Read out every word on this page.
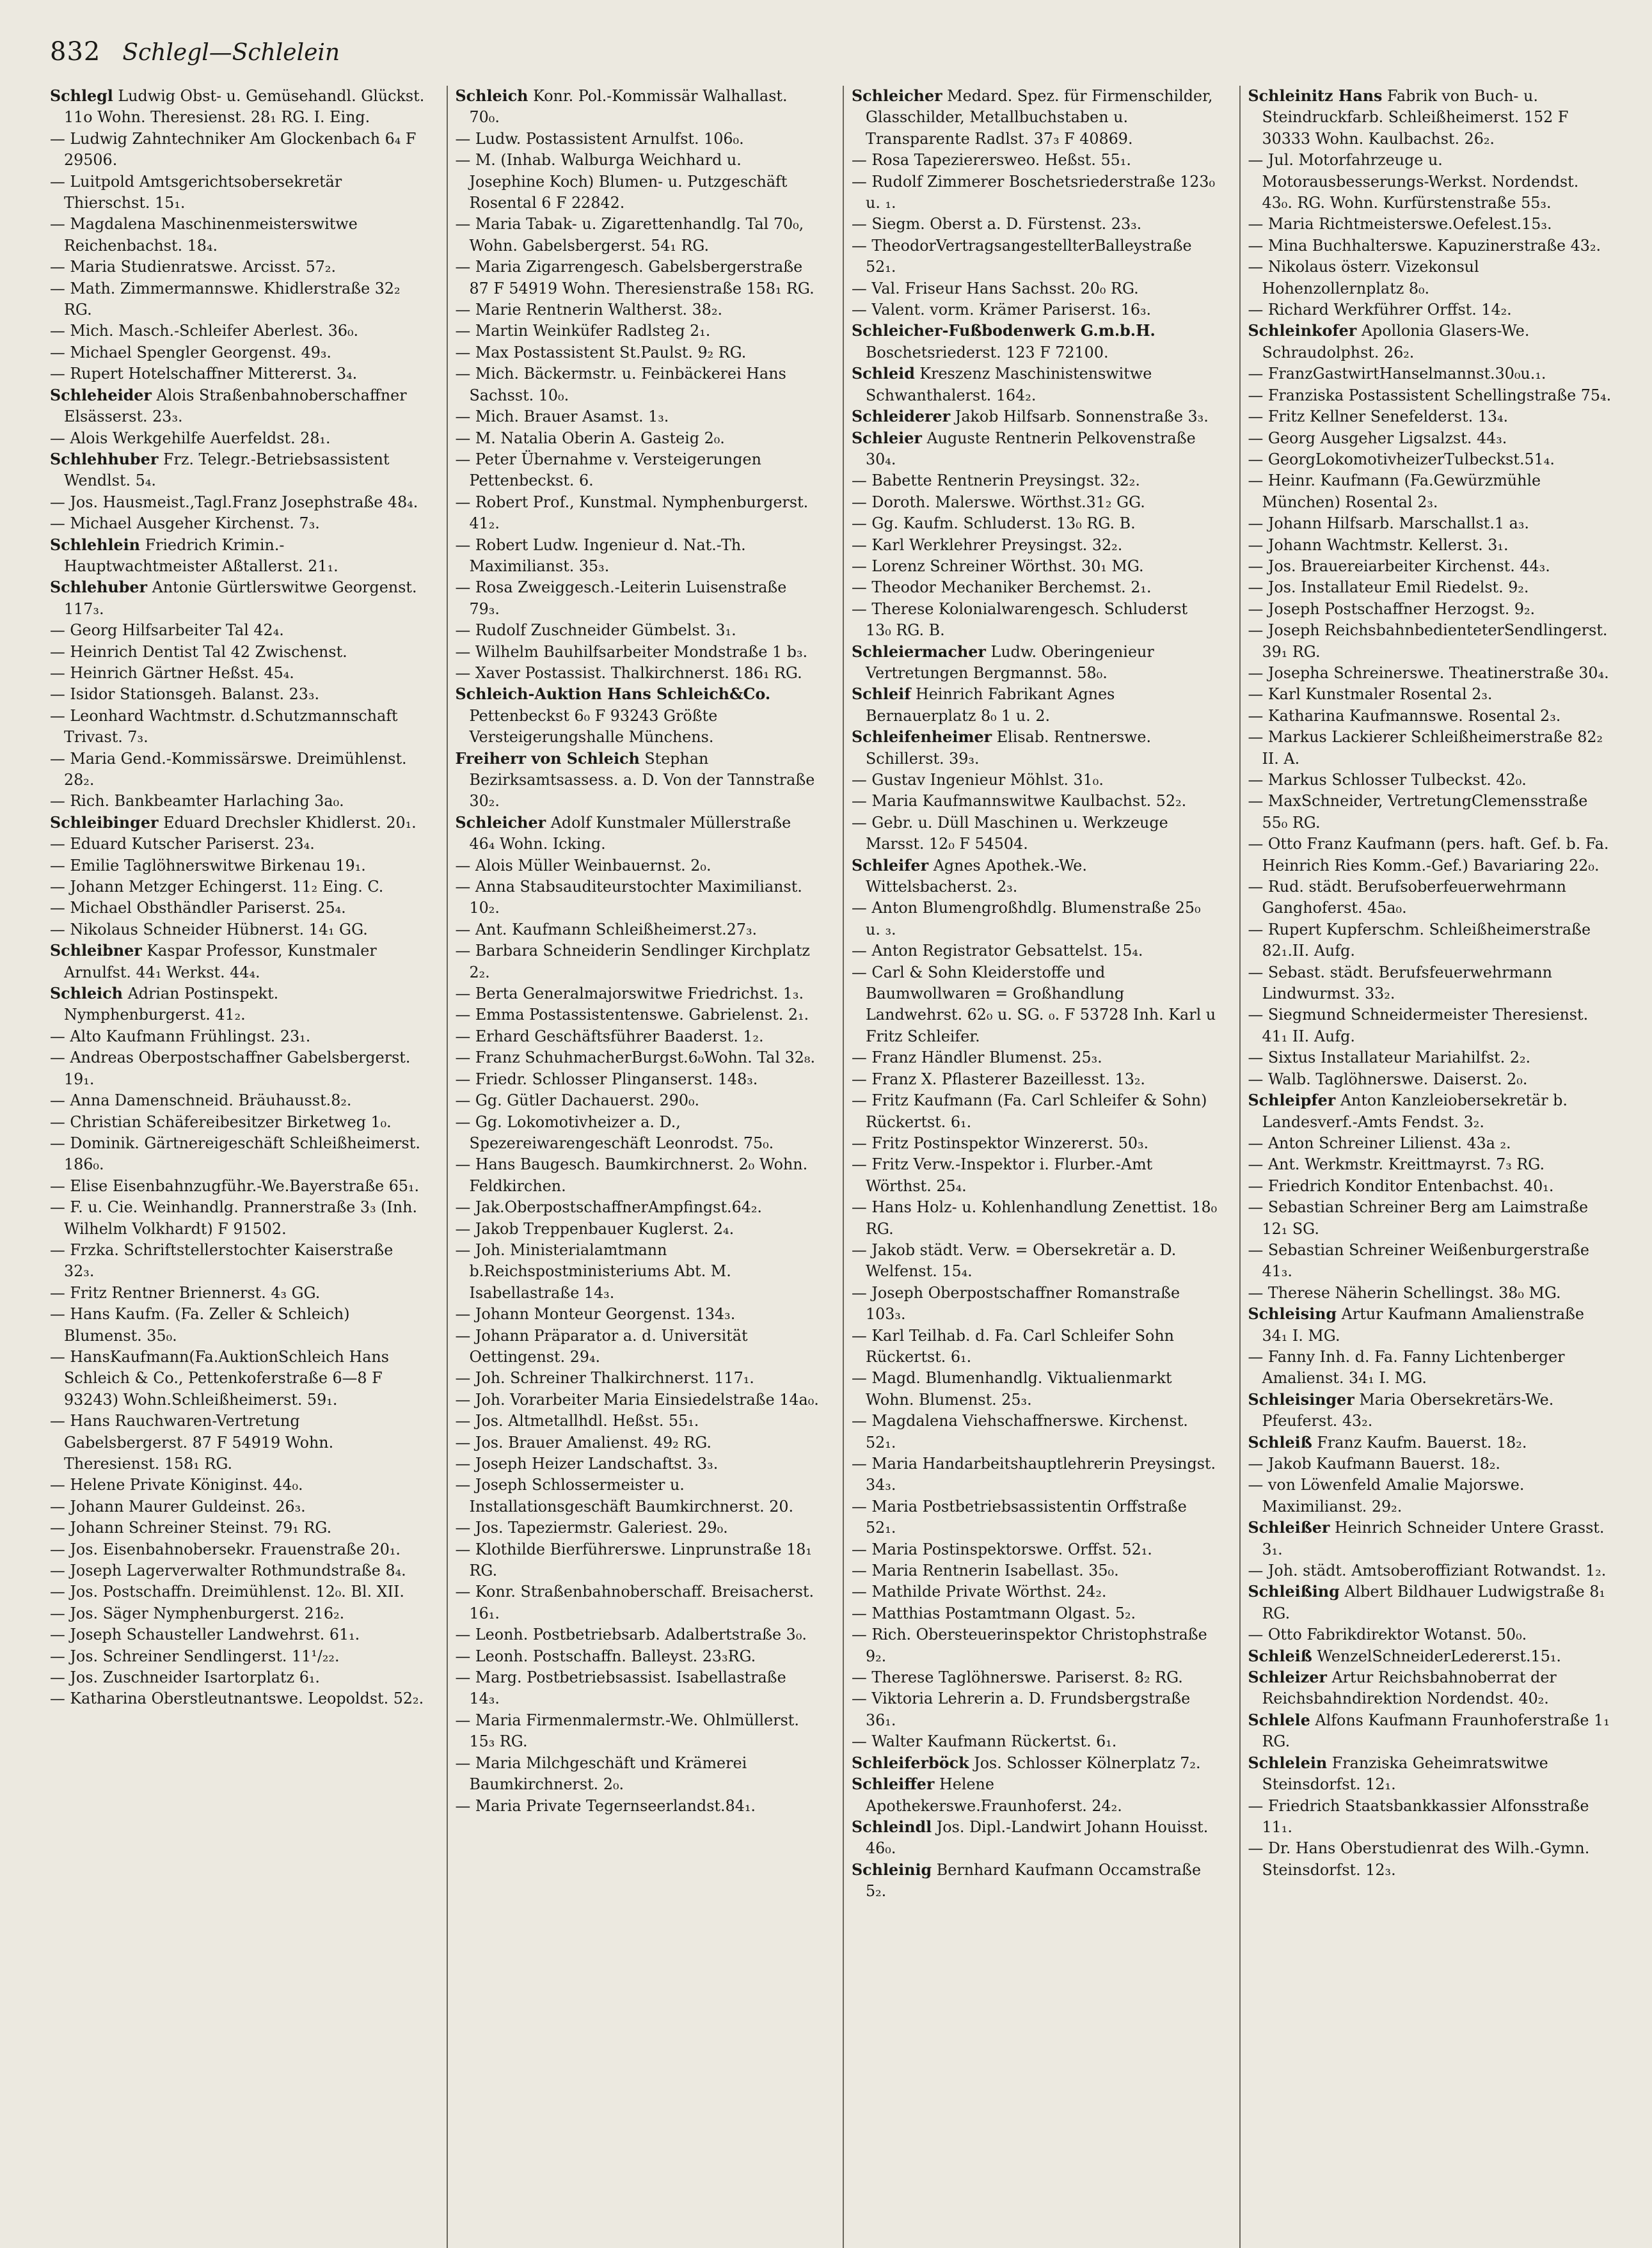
832 Schlegl—Schlelein

Schlegl Ludwig Obst- u. Gemüsehandl. Glückst. 11o Wohn. Theresienst. 28₁ RG. I. Eing.

— Ludwig Zahntechniker Am Glockenbach 6₄ F 29506.

— Luitpold Amtsgerichtsobersekretär Thierschst. 15₁.

— Magdalena Maschinenmeisterswitwe Reichenbachst. 18₄.

— Maria Studienratswe. Arcisst. 57₂.

— Math. Zimmermannswe. Khidlerstraße 32₂ RG.

— Mich. Masch.-Schleifer Aberlest. 36₀.

— Michael Spengler Georgenst. 49₃.

— Rupert Hotelschaffner Mittererst. 3₄.

Schleheider Alois Straßenbahnoberschaffner Elsässerst. 23₃.

— Alois Werkgehilfe Auerfeldst. 28₁.

Schlehhuber Frz. Telegr.-Betriebsassistent Wendlst. 5₄.

— Jos. Hausmeist.,Tagl.Franz Josephstraße 48₄.

— Michael Ausgeher Kirchenst. 7₃.

Schlehlein Friedrich Krimin.-Hauptwachtmeister Aßtallerst. 21₁.

Schlehuber Antonie Gürtlerswitwe Georgenst. 117₃.

— Georg Hilfsarbeiter Tal 42₄.

— Heinrich Dentist Tal 42 Zwischenst.

— Heinrich Gärtner Heßst. 45₄.

— Isidor Stationsgeh. Balanst. 23₃.

— Leonhard Wachtmstr. d.Schutzmannschaft Trivast. 7₃.

— Maria Gend.-Kommissärswe. Dreimühlenst. 28₂.

— Rich. Bankbeamter Harlaching 3a₀.

Schleibinger Eduard Drechsler Khidlerst. 20₁.

— Eduard Kutscher Pariserst. 23₄.

— Emilie Taglöhnerswitwe Birkenau 19₁.

— Johann Metzger Echingerst. 11₂ Eing. C.

— Michael Obsthändler Pariserst. 25₄.

— Nikolaus Schneider Hübnerst. 14₁ GG.

Schleibner Kaspar Professor, Kunstmaler Arnulfst. 44₁ Werkst. 44₄.

Schleich Adrian Postinspekt. Nymphenburgerst. 41₂.

— Alto Kaufmann Frühlingst. 23₁.

— Andreas Oberpostschaffner Gabelsbergerst. 19₁.

— Anna Damenschneid. Bräuhausst.8₂.

— Christian Schäfereibesitzer Birketweg 1₀.

— Dominik. Gärtnereigeschäft Schleißheimerst. 186₀.

— Elise Eisenbahnzugführ.-We.Bayerstraße 65₁.

— F. u. Cie. Weinhandlg. Prannerstraße 3₃ (Inh. Wilhelm Volkhardt) F 91502.

— Frzka. Schriftstellerstochter Kaiserstraße 32₃.

— Fritz Rentner Briennerst. 4₃ GG.

— Hans Kaufm. (Fa. Zeller & Schleich) Blumenst. 35₀.

— HansKaufmann(Fa.AuktionSchleich Hans Schleich & Co., Pettenkoferstraße 6—8 F 93243) Wohn.Schleißheimerst. 59₁.

— Hans Rauchwaren-Vertretung Gabelsbergerst. 87 F 54919 Wohn. Theresienst. 158₁ RG.

— Helene Private Königinst. 44₀.

— Johann Maurer Guldeinst. 26₃.

— Johann Schreiner Steinst. 79₁ RG.

— Jos. Eisenbahnobersekr. Frauenstraße 20₁.

— Joseph Lagerverwalter Rothmundstraße 8₄.

— Jos. Postschaffn. Dreimühlenst. 12₀. Bl. XII.

— Jos. Säger Nymphenburgerst. 216₂.

— Joseph Schausteller Landwehrst. 61₁.

— Jos. Schreiner Sendlingerst. 11¹/₂₂.

— Jos. Zuschneider Isartorplatz 6₁.

— Katharina Oberstleutnantswe. Leopoldst. 52₂.

Schleich Konr. Pol.-Kommissär Walhallast. 70₀.

— Ludw. Postassistent Arnulfst. 106₀.

— M. (Inhab. Walburga Weichhard u. Josephine Koch) Blumen- u. Putzgeschäft Rosental 6 F 22842.

— Maria Tabak- u. Zigarettenhandlg. Tal 70₀, Wohn. Gabelsbergerst. 54₁ RG.

— Maria Zigarrengesch. Gabelsbergerstraße 87 F 54919 Wohn. Theresienstraße 158₁ RG.

— Marie Rentnerin Waltherst. 38₂.

— Martin Weinküfer Radlsteg 2₁.

— Max Postassistent St.Paulst. 9₂ RG.

— Mich. Bäckermstr. u. Feinbäckerei Hans Sachsst. 10₀.

— Mich. Brauer Asamst. 1₃.

— M. Natalia Oberin A. Gasteig 2₀.

— Peter Übernahme v. Versteigerungen Pettenbeckst. 6.

— Robert Prof., Kunstmal. Nymphenburgerst. 41₂.

— Robert Ludw. Ingenieur d. Nat.-Th. Maximilianst. 35₃.

— Rosa Zweiggesch.-Leiterin Luisenstraße 79₃.

— Rudolf Zuschneider Gümbelst. 3₁.

— Wilhelm Bauhilfsarbeiter Mondstraße 1 b₃.

— Xaver Postassist. Thalkirchnerst. 186₁ RG.

Schleich-Auktion Hans Schleich&Co. Pettenbeckst 6₀ F 93243 Größte Versteigerungshalle Münchens.

Freiherr von Schleich Stephan Bezirksamtsassess. a. D. Von der Tannstraße 30₂.

Schleicher Adolf Kunstmaler Müllerstraße 46₄ Wohn. Icking.

— Alois Müller Weinbauernst. 2₀.

— Anna Stabsauditeurstochter Maximilianst. 10₂.

— Ant. Kaufmann Schleißheimerst.27₃.

— Barbara Schneiderin Sendlinger Kirchplatz 2₂.

— Berta Generalmajorswitwe Friedrichst. 1₃.

— Emma Postassistentenswe. Gabrielenst. 2₁.

— Erhard Geschäftsführer Baaderst. 1₂.

— Franz SchuhmacherBurgst.6₀Wohn. Tal 32₈.

— Friedr. Schlosser Plinganserst. 148₃.

— Gg. Gütler Dachauerst. 290₀.

— Gg. Lokomotivheizer a. D., Spezereiwarengeschäft Leonrodst. 75₀.

— Hans Baugesch. Baumkirchnerst. 2₀ Wohn. Feldkirchen.

— Jak.OberpostschaffnerAmpfingst.64₂.

— Jakob Treppenbauer Kuglerst. 2₄.

— Joh. Ministerialamtmann b.Reichspostministeriums Abt. M. Isabellastraße 14₃.

— Johann Monteur Georgenst. 134₃.

— Johann Präparator a. d. Universität Oettingenst. 29₄.

— Joh. Schreiner Thalkirchnerst. 117₁.

— Joh. Vorarbeiter Maria Einsiedelstraße 14a₀.

— Jos. Altmetallhdl. Heßst. 55₁.

— Jos. Brauer Amalienst. 49₂ RG.

— Joseph Heizer Landschaftst. 3₃.

— Joseph Schlossermeister u. Installationsgeschäft Baumkirchnerst. 20.

— Jos. Tapeziermstr. Galeriest. 29₀.

— Klothilde Bierführerswe. Linprunstraße 18₁ RG.

— Konr. Straßenbahnoberschaff. Breisacherst. 16₁.

— Leonh. Postbetriebsarb. Adalbertstraße 3₀.

— Leonh. Postschaffn. Balleyst. 23₃RG.

— Marg. Postbetriebsassist. Isabellastraße 14₃.

— Maria Firmenmalermstr.-We. Ohlmüllerst. 15₃ RG.

— Maria Milchgeschäft und Krämerei Baumkirchnerst. 2₀.

— Maria Private Tegernseerlandst.84₁.

Schleicher Medard. Spez. für Firmenschilder, Glasschilder, Metallbuchstaben u. Transparente Radlst. 37₃ F 40869.

— Rosa Tapezierersweo. Heßst. 55₁.

— Rudolf Zimmerer Boschetsriederstraße 123₀ u. ₁.

— Siegm. Oberst a. D. Fürstenst. 23₃.

— TheodorVertragsangestellterBalleystraße 52₁.

— Val. Friseur Hans Sachsst. 20₀ RG.

— Valent. vorm. Krämer Pariserst. 16₃.

Schleicher-Fußbodenwerk G.m.b.H. Boschetsriederst. 123 F 72100.

Schleid Kreszenz Maschinistenswitwe Schwanthalerst. 164₂.

Schleiderer Jakob Hilfsarb. Sonnenstraße 3₃.

Schleier Auguste Rentnerin Pelkovenstraße 30₄.

— Babette Rentnerin Preysingst. 32₂.

— Doroth. Malerswe. Wörthst.31₂ GG.

— Gg. Kaufm. Schluderst. 13₀ RG. B.

— Karl Werklehrer Preysingst. 32₂.

— Lorenz Schreiner Wörthst. 30₁ MG.

— Theodor Mechaniker Berchemst. 2₁.

— Therese Kolonialwarengesch. Schluderst 13₀ RG. B.

Schleiermacher Ludw. Oberingenieur Vertretungen Bergmannst. 58₀.

Schleif Heinrich Fabrikant Agnes Bernauerplatz 8₀ 1 u. 2.

Schleifenheimer Elisab. Rentnerswe. Schillerst. 39₃.

— Gustav Ingenieur Möhlst. 31₀.

— Maria Kaufmannswitwe Kaulbachst. 52₂.

— Gebr. u. Düll Maschinen u. Werkzeuge Marsst. 12₀ F 54504.

Schleifer Agnes Apothek.-We. Wittelsbacherst. 2₃.

— Anton Blumengroßhdlg. Blumenstraße 25₀ u. ₃.

— Anton Registrator Gebsattelst. 15₄.

— Carl & Sohn Kleiderstoffe und Baumwollwaren = Großhandlung Landwehrst. 62₀ u. SG. ₀. F 53728 Inh. Karl u Fritz Schleifer.

— Franz Händler Blumenst. 25₃.

— Franz X. Pflasterer Bazeillesst. 13₂.

— Fritz Kaufmann (Fa. Carl Schleifer & Sohn) Rückertst. 6₁.

— Fritz Postinspektor Winzererst. 50₃.

— Fritz Verw.-Inspektor i. Flurber.-Amt Wörthst. 25₄.

— Hans Holz- u. Kohlenhandlung Zenettist. 18₀ RG.

— Jakob städt. Verw. = Obersekretär a. D. Welfenst. 15₄.

— Joseph Oberpostschaffner Romanstraße 103₃.

— Karl Teilhab. d. Fa. Carl Schleifer Sohn Rückertst. 6₁.

— Magd. Blumenhandlg. Viktualienmarkt Wohn. Blumenst. 25₃.

— Magdalena Viehschaffnerswe. Kirchenst. 52₁.

— Maria Handarbeitshauptlehrerin Preysingst. 34₃.

— Maria Postbetriebsassistentin Orffstraße 52₁.

— Maria Postinspektorswe. Orffst. 52₁.

— Maria Rentnerin Isabellast. 35₀.

— Mathilde Private Wörthst. 24₂.

— Matthias Postamtmann Olgast. 5₂.

— Rich. Obersteuerinspektor Christophstraße 9₂.

— Therese Taglöhnerswe. Pariserst. 8₂ RG.

— Viktoria Lehrerin a. D. Frundsbergstraße 36₁.

— Walter Kaufmann Rückertst. 6₁.

Schleiferböck Jos. Schlosser Kölnerplatz 7₂.

Schleiffer Helene Apothekerswe.Fraunhoferst. 24₂.

Schleindl Jos. Dipl.-Landwirt Johann Houisst. 46₀.

Schleinig Bernhard Kaufmann Occamstraße 5₂.

Schleinitz Hans Fabrik von Buch- u. Steindruckfarb. Schleißheimerst. 152 F 30333 Wohn. Kaulbachst. 26₂.

— Jul. Motorfahrzeuge u. Motorausbesserungs-Werkst. Nordendst. 43₀. RG. Wohn. Kurfürstenstraße 55₃.

— Maria Richtmeisterswe.Oefelest.15₃.

— Mina Buchhalterswe. Kapuzinerstraße 43₂.

— Nikolaus österr. Vizekonsul Hohenzollernplatz 8₀.

— Richard Werkführer Orffst. 14₂.

Schleinkofer Apollonia Glasers-We. Schraudolphst. 26₂.

— FranzGastwirtHanselmannst.30₀u.₁.

— Franziska Postassistent Schellingstraße 75₄.

— Fritz Kellner Senefelderst. 13₄.

— Georg Ausgeher Ligsalzst. 44₃.

— GeorgLokomotivheizerTulbeckst.51₄.

— Heinr. Kaufmann (Fa.Gewürzmühle München) Rosental 2₃.

— Johann Hilfsarb. Marschallst.1 a₃.

— Johann Wachtmstr. Kellerst. 3₁.

— Jos. Brauereiarbeiter Kirchenst. 44₃.

— Jos. Installateur Emil Riedelst. 9₂.

— Joseph Postschaffner Herzogst. 9₂.

— Joseph ReichsbahnbedienteterSendlingerst. 39₁ RG.

— Josepha Schreinerswe. Theatinerstraße 30₄.

— Karl Kunstmaler Rosental 2₃.

— Katharina Kaufmannswe. Rosental 2₃.

— Markus Lackierer Schleißheimerstraße 82₂ II. A.

— Markus Schlosser Tulbeckst. 42₀.

— MaxSchneider, VertretungClemensstraße 55₀ RG.

— Otto Franz Kaufmann (pers. haft. Gef. b. Fa. Heinrich Ries Komm.-Gef.) Bavariaring 22₀.

— Rud. städt. Berufsoberfeuerwehrmann Ganghoferst. 45a₀.

— Rupert Kupferschm. Schleißheimerstraße 82₁.II. Aufg.

— Sebast. städt. Berufsfeuerwehrmann Lindwurmst. 33₂.

— Siegmund Schneidermeister Theresienst. 41₁ II. Aufg.

— Sixtus Installateur Mariahilfst. 2₂.

— Walb. Taglöhnerswe. Daiserst. 2₀.

Schleipfer Anton Kanzleiobersekretär b. Landesverf.-Amts Fendst. 3₂.

— Anton Schreiner Lilienst. 43a ₂.

— Ant. Werkmstr. Kreittmayrst. 7₃ RG.

— Friedrich Konditor Entenbachst. 40₁.

— Sebastian Schreiner Berg am Laimstraße 12₁ SG.

— Sebastian Schreiner Weißenburgerstraße 41₃.

— Therese Näherin Schellingst. 38₀ MG.

Schleising Artur Kaufmann Amalienstraße 34₁ I. MG.

— Fanny Inh. d. Fa. Fanny Lichtenberger Amalienst. 34₁ I. MG.

Schleisinger Maria Obersekretärs-We. Pfeuferst. 43₂.

Schleiß Franz Kaufm. Bauerst. 18₂.

— Jakob Kaufmann Bauerst. 18₂.

— von Löwenfeld Amalie Majorswe. Maximilianst. 29₂.

Schleißer Heinrich Schneider Untere Grasst. 3₁.

— Joh. städt. Amtsoberoffiziant Rotwandst. 1₂.

Schleißing Albert Bildhauer Ludwigstraße 8₁ RG.

— Otto Fabrikdirektor Wotanst. 50₀.

Schleiß WenzelSchneiderLedererst.15₁.

Schleizer Artur Reichsbahnoberrat der Reichsbahndirektion Nordendst. 40₂.

Schlele Alfons Kaufmann Fraunhoferstraße 1₁ RG.

Schlelein Franziska Geheimratswitwe Steinsdorfst. 12₁.

— Friedrich Staatsbankkassier Alfonsstraße 11₁.

— Dr. Hans Oberstudienrat des Wilh.-Gymn. Steinsdorfst. 12₃.
